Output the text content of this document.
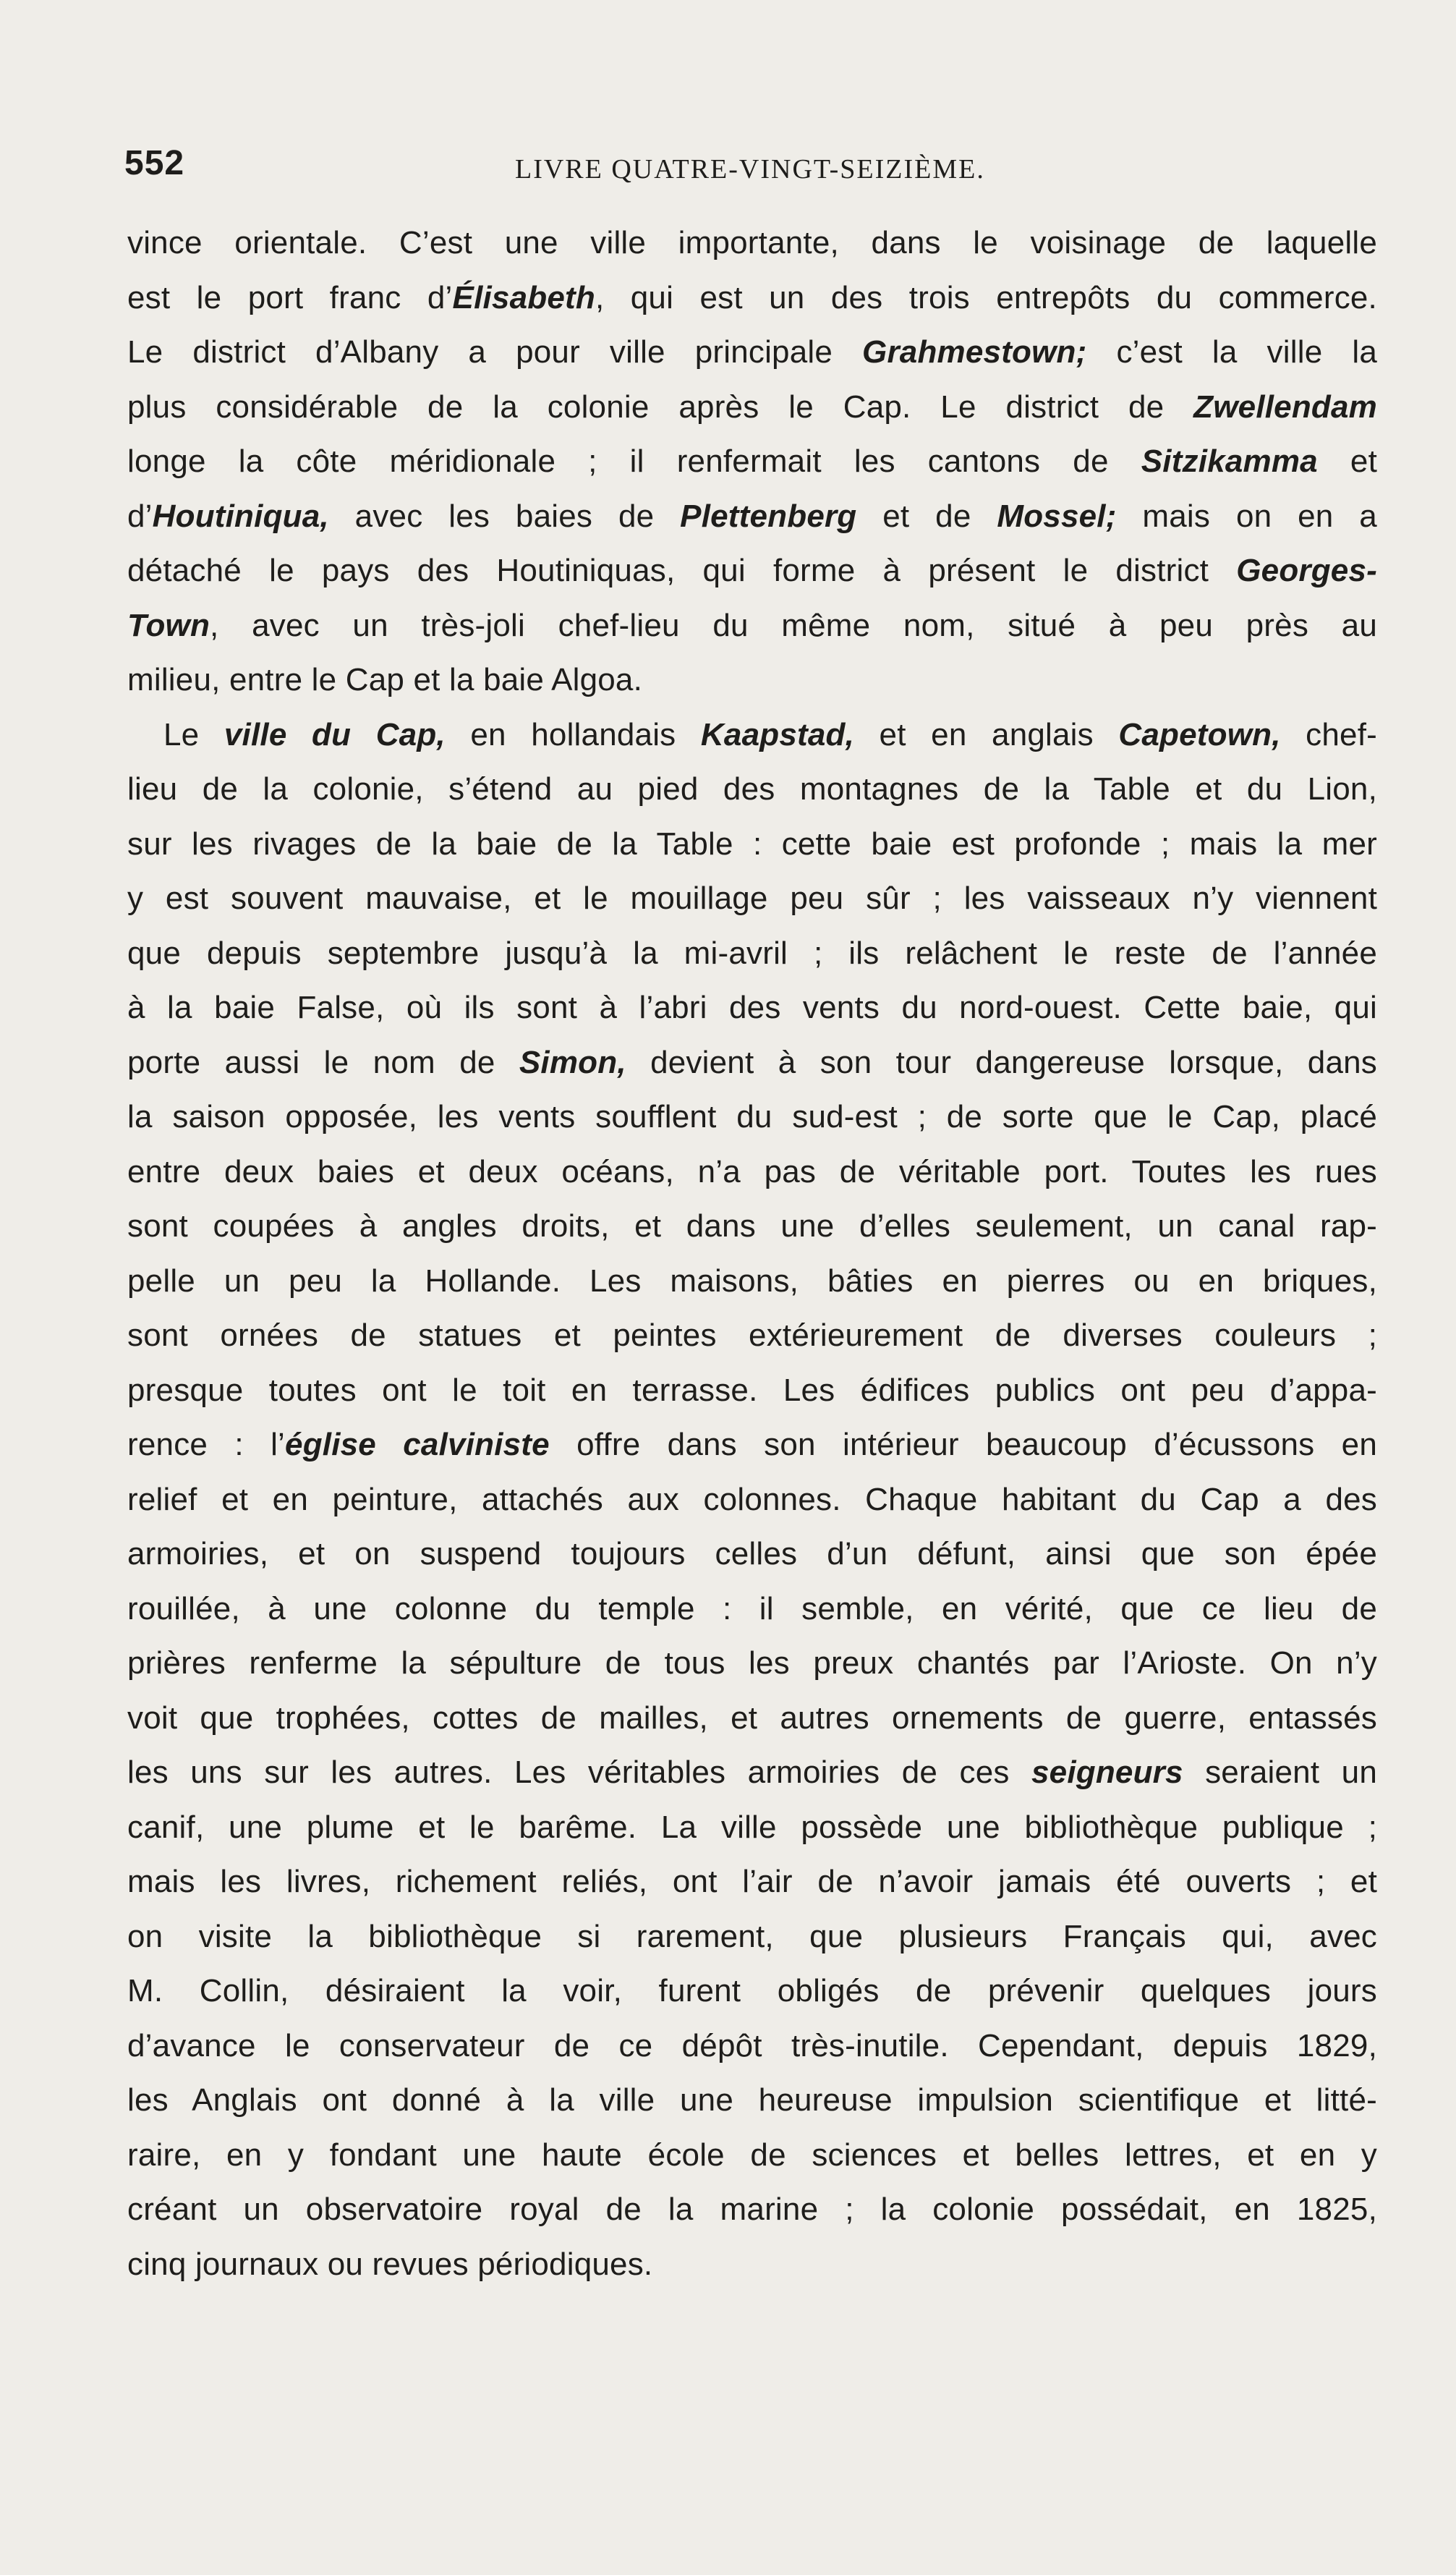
552	LIVRE QUATRE-VINGT-SEIZIÈME.
vince orientale. C’est une ville importante, dans le voisinage de laquelle
est le port franc d’Élisabeth, qui est un des trois entrepôts du commerce.
Le district d’Albany a pour ville principale Grahmestown; c’est la ville la
plus considérable de la colonie après le Cap. Le district de Zwellendam
longe la côte méridionale ; il renfermait les cantons de Sitzikamma et
d’Houtiniqua, avec les baies de Plettenberg et de Mossel; mais on en a
détaché le pays des Houtiniquas, qui forme à présent le district Georges-
Town, avec un très-joli chef-lieu du même nom, situé à peu près au
milieu, entre le Cap et la baie Algoa.
Le ville du Cap, en hollandais Kaapstad, et en anglais Capetown, chef-
lieu de la colonie, s’étend au pied des montagnes de la Table et du Lion,
sur les rivages de la baie de la Table : cette baie est profonde ; mais la mer
y est souvent mauvaise, et le mouillage peu sûr ; les vaisseaux n’y viennent
que depuis septembre jusqu’à la mi-avril ; ils relâchent le reste de l’année
à la baie False, où ils sont à l’abri des vents du nord-ouest. Cette baie, qui
porte aussi le nom de Simon, devient à son tour dangereuse lorsque, dans
la saison opposée, les vents soufflent du sud-est ; de sorte que le Cap, placé
entre deux baies et deux océans, n’a pas de véritable port. Toutes les rues
sont coupées à angles droits, et dans une d’elles seulement, un canal rap-
pelle un peu la Hollande. Les maisons, bâties en pierres ou en briques,
sont ornées de statues et peintes extérieurement de diverses couleurs ;
presque toutes ont le toit en terrasse. Les édifices publics ont peu d’appa-
rence : l’église calviniste offre dans son intérieur beaucoup d’écussons en
relief et en peinture, attachés aux colonnes. Chaque habitant du Cap a des
armoiries, et on suspend toujours celles d’un défunt, ainsi que son épée
rouillée, à une colonne du temple : il semble, en vérité, que ce lieu de
prières renferme la sépulture de tous les preux chantés par l’Arioste. On n’y
voit que trophées, cottes de mailles, et autres ornements de guerre, entassés
les uns sur les autres. Les véritables armoiries de ces seigneurs seraient un
canif, une plume et le barême. La ville possède une bibliothèque publique ;
mais les livres, richement reliés, ont l’air de n’avoir jamais été ouverts ; et
on visite la bibliothèque si rarement, que plusieurs Français qui, avec
M. Collin, désiraient la voir, furent obligés de prévenir quelques jours
d’avance le conservateur de ce dépôt très-inutile. Cependant, depuis 1829,
les Anglais ont donné à la ville une heureuse impulsion scientifique et litté-
raire, en y fondant une haute école de sciences et belles lettres, et en y
créant un observatoire royal de la marine ; la colonie possédait, en 1825,
cinq journaux ou revues périodiques.
